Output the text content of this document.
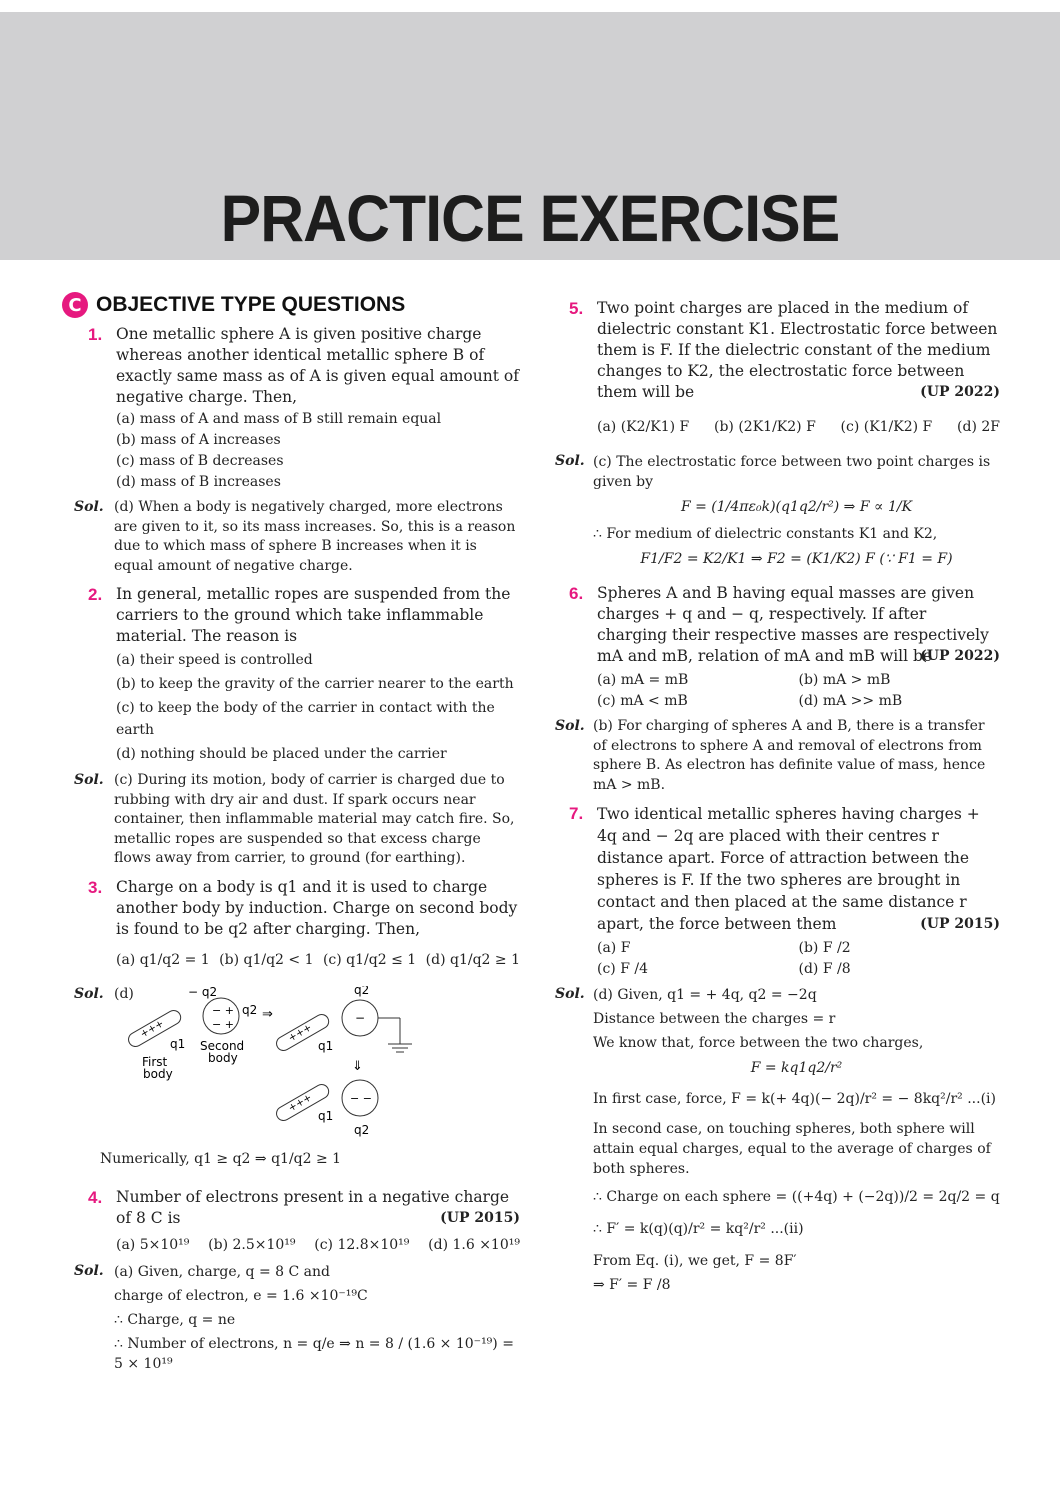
PRACTICE EXERCISE
C OBJECTIVE TYPE QUESTIONS
1. One metallic sphere A is given positive charge whereas another identical metallic sphere B of exactly same mass as of A is given equal amount of negative charge. Then,
(a) mass of A and mass of B still remain equal
(b) mass of A increases
(c) mass of B decreases
(d) mass of B increases
Sol. (d) When a body is negatively charged, more electrons are given to it, so its mass increases. So, this is a reason due to which mass of sphere B increases when it is equal amount of negative charge.
2. In general, metallic ropes are suspended from the carriers to the ground which take inflammable material. The reason is
(a) their speed is controlled
(b) to keep the gravity of the carrier nearer to the earth
(c) to keep the body of the carrier in contact with the earth
(d) nothing should be placed under the carrier
Sol. (c) During its motion, body of carrier is charged due to rubbing with dry air and dust. If spark occurs near container, then inflammable material may catch fire. So, metallic ropes are suspended so that excess charge flows away from carrier, to ground (for earthing).
3. Charge on a body is q1 and it is used to charge another body by induction. Charge on second body is found to be q2 after charging. Then,
(a) q1/q2 = 1 (b) q1/q2 < 1 (c) q1/q2 ≤ 1 (d) q1/q2 ≥ 1
Sol. (d)
+++
q1
First
body
− q2
− +
− +
q2 ⇒
Second
body
+++
q1
q2
−
⇓
+++
q1
− −
q2
Numerically, q1 ≥ q2 ⇒ q1/q2 ≥ 1
4. Number of electrons present in a negative charge of 8 C is	(UP 2015)
(a) 5×10¹⁹ (b) 2.5×10¹⁹ (c) 12.8×10¹⁹ (d) 1.6 ×10¹⁹
Sol. (a) Given, charge, q = 8 C and
charge of electron, e = 1.6 ×10⁻¹⁹C
∴ Charge, q = ne
∴ Number of electrons, n = q/e ⇒ n = 8 / (1.6 × 10⁻¹⁹) = 5 × 10¹⁹
5. Two point charges are placed in the medium of dielectric constant K1. Electrostatic force between them is F. If the dielectric constant of the medium changes to K2, the electrostatic force between them will be	(UP 2022)
(a) (K2/K1) F (b) (2K1/K2) F (c) (K1/K2) F (d) 2F
Sol. (c) The electrostatic force between two point charges is given by
F = (1/4πε₀k)(q1q2/r²) ⇒ F ∝ 1/K
∴ For medium of dielectric constants K1 and K2,
F1/F2 = K2/K1 ⇒ F2 = (K1/K2) F (∵ F1 = F)
6. Spheres A and B having equal masses are given charges + q and − q, respectively. If after charging their respective masses are respectively mA and mB, relation of mA and mB will be
(UP 2022)
(a) mA = mB	(b) mA > mB
(c) mA < mB	(d) mA >> mB
Sol. (b) For charging of spheres A and B, there is a transfer of electrons to sphere A and removal of electrons from sphere B. As electron has definite value of mass, hence mA > mB.
7. Two identical metallic spheres having charges + 4q and − 2q are placed with their centres r distance apart. Force of attraction between the spheres is F. If the two spheres are brought in contact and then placed at the same distance r apart, the force between them	(UP 2015)
(a) F	(b) F /2
(c) F /4	(d) F /8
Sol. (d) Given, q1 = + 4q, q2 = −2q
Distance between the charges = r
We know that, force between the two charges,
F = kq1q2/r²
In first case, force, F = k(+ 4q)(− 2q)/r² = − 8kq²/r² ...(i)
In second case, on touching spheres, both sphere will attain equal charges, equal to the average of charges of both spheres.
∴ Charge on each sphere = ((+4q) + (−2q))/2 = 2q/2 = q
∴ F′ = k(q)(q)/r² = kq²/r² ...(ii)
From Eq. (i), we get, F = 8F′
⇒ F′ = F /8
